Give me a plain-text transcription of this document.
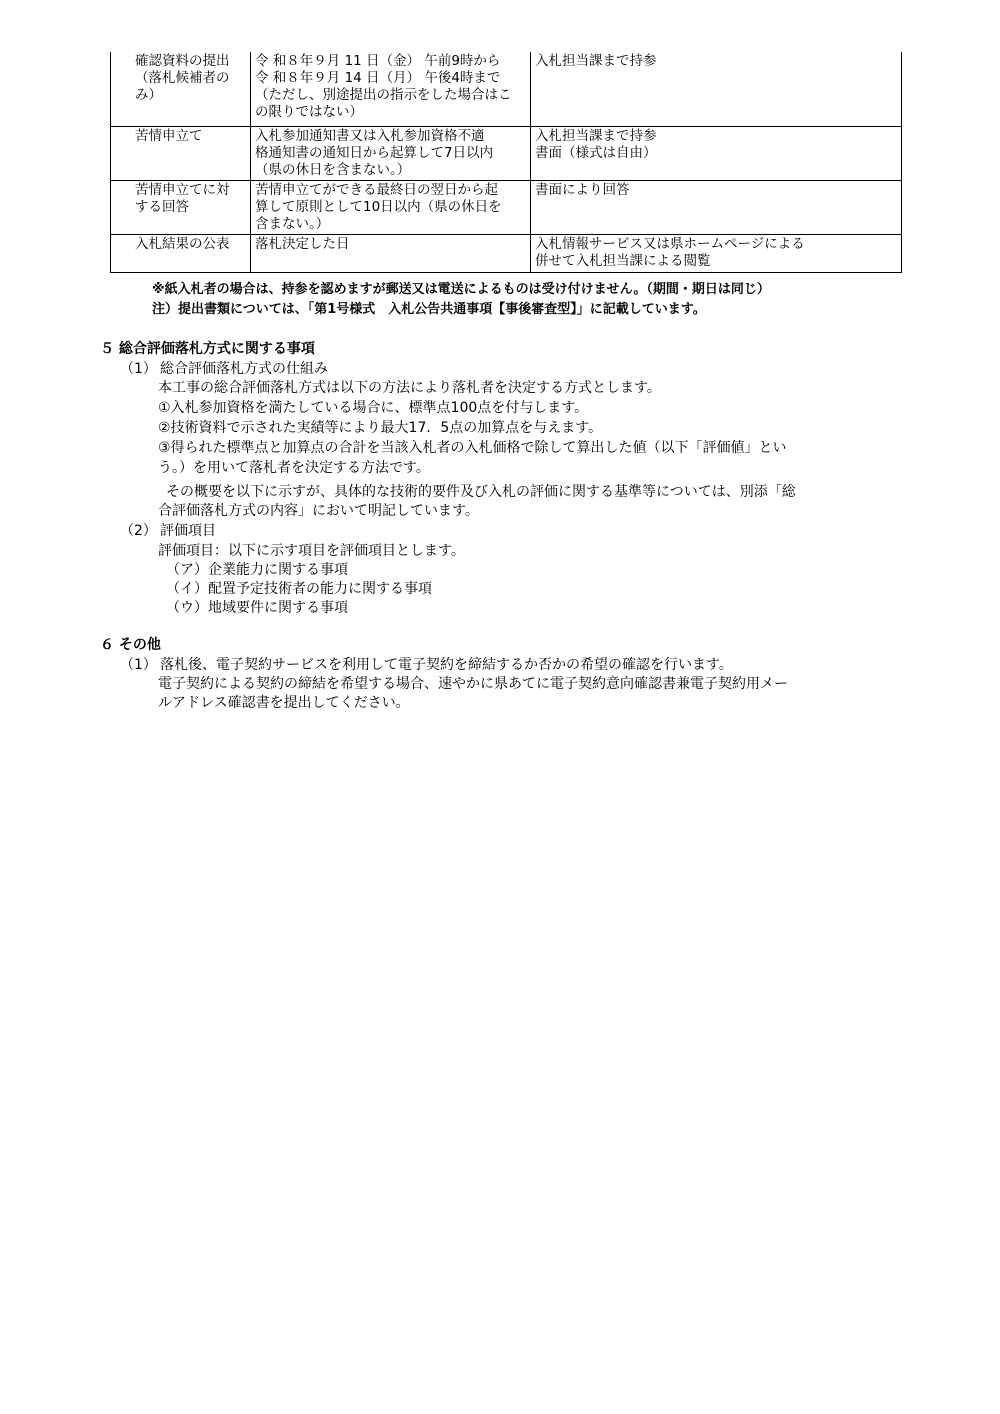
確認資料の提出
（落札候補者の
み）	令 和８年９月 11 日（金） 午前9時から
令 和８年９月 14 日（月） 午後4時まで
（ただし、別途提出の指示をした場合はこ
の限りではない）	入札担当課まで持参

苦情申立て	入札参加通知書又は入札参加資格不適
格通知書の通知日から起算して7日以内
（県の休日を含まない。）	入札担当課まで持参
書面（様式は自由）

苦情申立てに対
する回答	苦情申立てができる最終日の翌日から起
算して原則として10日以内（県の休日を
含まない。）	書面により回答

入札結果の公表	落札決定した日	入札情報サービス又は県ホームページによる
併せて入札担当課による閲覧
※紙入札者の場合は、持参を認めますが郵送又は電送によるものは受け付けません。（期間・期日は同じ）
注）提出書類については、「第1号様式　入札公告共通事項【事後審査型】」に記載しています。
５ 総合評価落札方式に関する事項
（1） 総合評価落札方式の仕組み
本工事の総合評価落札方式は以下の方法により落札者を決定する方式とします。
①入札参加資格を満たしている場合に、標準点100点を付与します。
②技術資料で示された実績等により最大17．5点の加算点を与えます。
③得られた標準点と加算点の合計を当該入札者の入札価格で除して算出した値（以下「評価値」とい
う。）を用いて落札者を決定する方法です。
その概要を以下に示すが、具体的な技術的要件及び入札の評価に関する基準等については、別添「総
合評価落札方式の内容」において明記しています。
（2） 評価項目
評価項目：以下に示す項目を評価項目とします。
（ア）企業能力に関する事項
（イ）配置予定技術者の能力に関する事項
（ウ）地域要件に関する事項
６ その他
（1） 落札後、電子契約サービスを利用して電子契約を締結するか否かの希望の確認を行います。
電子契約による契約の締結を希望する場合、速やかに県あてに電子契約意向確認書兼電子契約用メー
ルアドレス確認書を提出してください。
